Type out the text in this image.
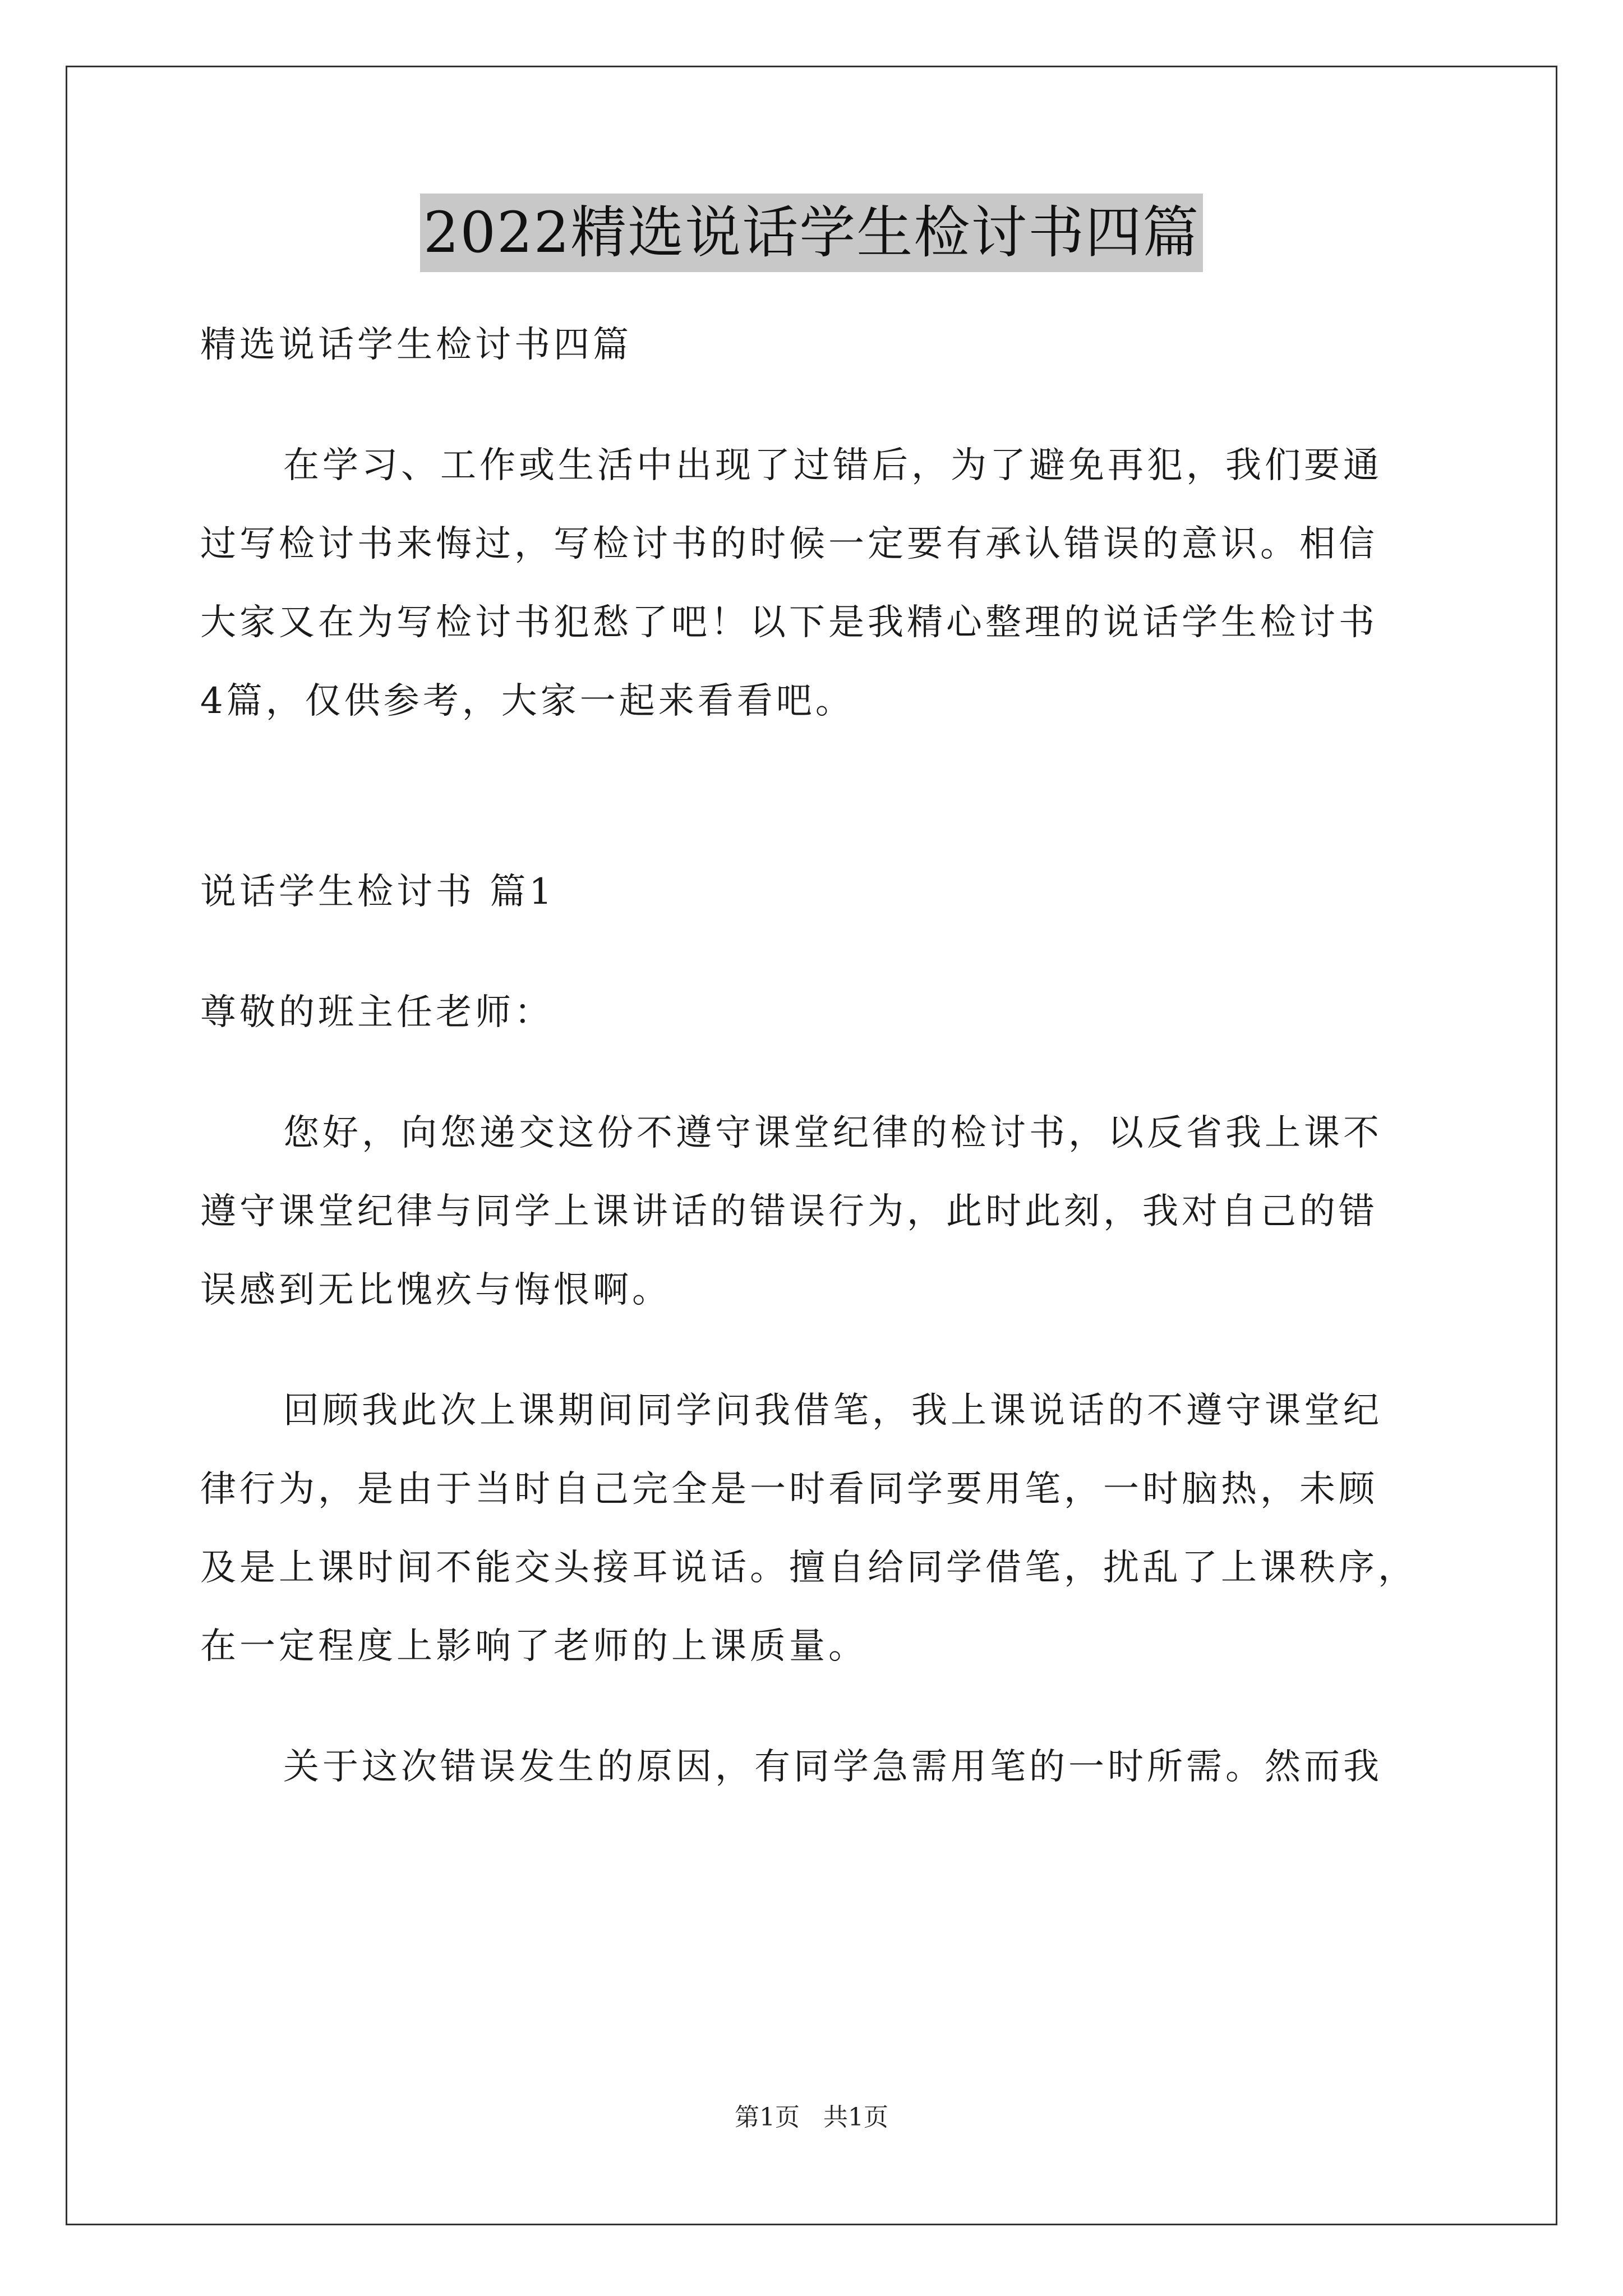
2022精选说话学生检讨书四篇

精选说话学生检讨书四篇

在学习、工作或生活中出现了过错后，为了避免再犯，我们要通

过写检讨书来悔过，写检讨书的时候一定要有承认错误的意识。相信

大家又在为写检讨书犯愁了吧！以下是我精心整理的说话学生检讨书

4篇，仅供参考，大家一起来看看吧。

说话学生检讨书 篇1

尊敬的班主任老师：

您好，向您递交这份不遵守课堂纪律的检讨书，以反省我上课不

遵守课堂纪律与同学上课讲话的错误行为，此时此刻，我对自己的错

误感到无比愧疚与悔恨啊。

回顾我此次上课期间同学问我借笔，我上课说话的不遵守课堂纪

律行为，是由于当时自己完全是一时看同学要用笔，一时脑热，未顾

及是上课时间不能交头接耳说话。擅自给同学借笔，扰乱了上课秩序，

在一定程度上影响了老师的上课质量。

关于这次错误发生的原因，有同学急需用笔的一时所需。然而我

第1页 共1页
